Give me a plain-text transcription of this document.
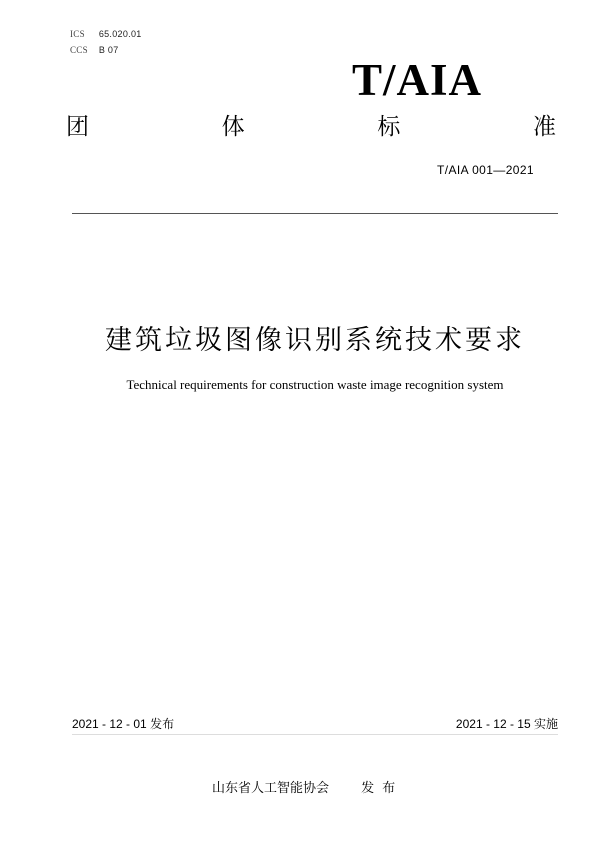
ICS 65.020.01
CCS B 07
T/AIA
团	体	标	准
T/AIA 001—2021
建筑垃圾图像识别系统技术要求
Technical requirements for construction waste image recognition system
2021 - 12 - 01 发布	2021 - 12 - 15 实施
山东省人工智能协会 发布
